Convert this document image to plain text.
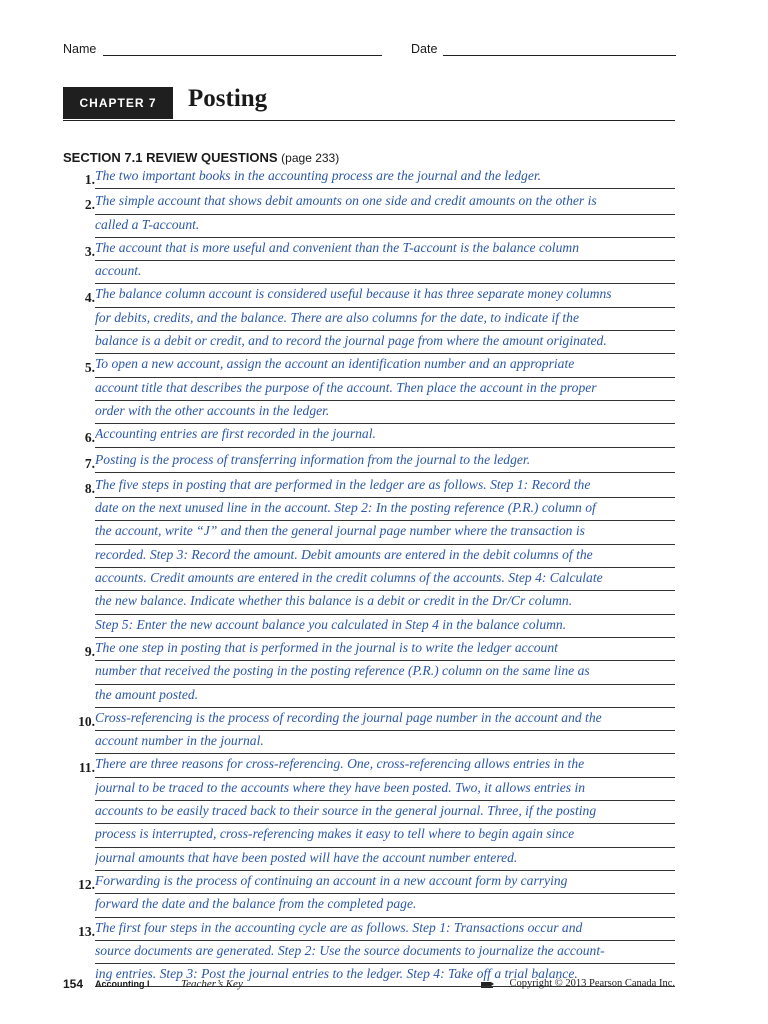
Name	Date
CHAPTER 7	Posting
SECTION 7.1 REVIEW QUESTIONS (page 233)
1. The two important books in the accounting process are the journal and the ledger.
2. The simple account that shows debit amounts on one side and credit amounts on the other is
called a T-account.
3. The account that is more useful and convenient than the T-account is the balance column
account.
4. The balance column account is considered useful because it has three separate money columns
for debits, credits, and the balance. There are also columns for the date, to indicate if the
balance is a debit or credit, and to record the journal page from where the amount originated.
5. To open a new account, assign the account an identification number and an appropriate
account title that describes the purpose of the account. Then place the account in the proper
order with the other accounts in the ledger.
6. Accounting entries are first recorded in the journal.
7. Posting is the process of transferring information from the journal to the ledger.
8. The five steps in posting that are performed in the ledger are as follows. Step 1: Record the
date on the next unused line in the account. Step 2: In the posting reference (P.R.) column of
the account, write “J” and then the general journal page number where the transaction is
recorded. Step 3: Record the amount. Debit amounts are entered in the debit columns of the
accounts. Credit amounts are entered in the credit columns of the accounts. Step 4: Calculate
the new balance. Indicate whether this balance is a debit or credit in the Dr/Cr column.
Step 5: Enter the new account balance you calculated in Step 4 in the balance column.
9. The one step in posting that is performed in the journal is to write the ledger account
number that received the posting in the posting reference (P.R.) column on the same line as
the amount posted.
10. Cross-referencing is the process of recording the journal page number in the account and the
account number in the journal.
11. There are three reasons for cross-referencing. One, cross-referencing allows entries in the
journal to be traced to the accounts where they have been posted. Two, it allows entries in
accounts to be easily traced back to their source in the general journal. Three, if the posting
process is interrupted, cross-referencing makes it easy to tell where to begin again since
journal amounts that have been posted will have the account number entered.
12. Forwarding is the process of continuing an account in a new account form by carrying
forward the date and the balance from the completed page.
13. The first four steps in the accounting cycle are as follows. Step 1: Transactions occur and
source documents are generated. Step 2: Use the source documents to journalize the account-
ing entries. Step 3: Post the journal entries to the ledger. Step 4: Take off a trial balance.
154 Accounting I	Teacher’s Key	Copyright © 2013 Pearson Canada Inc.
